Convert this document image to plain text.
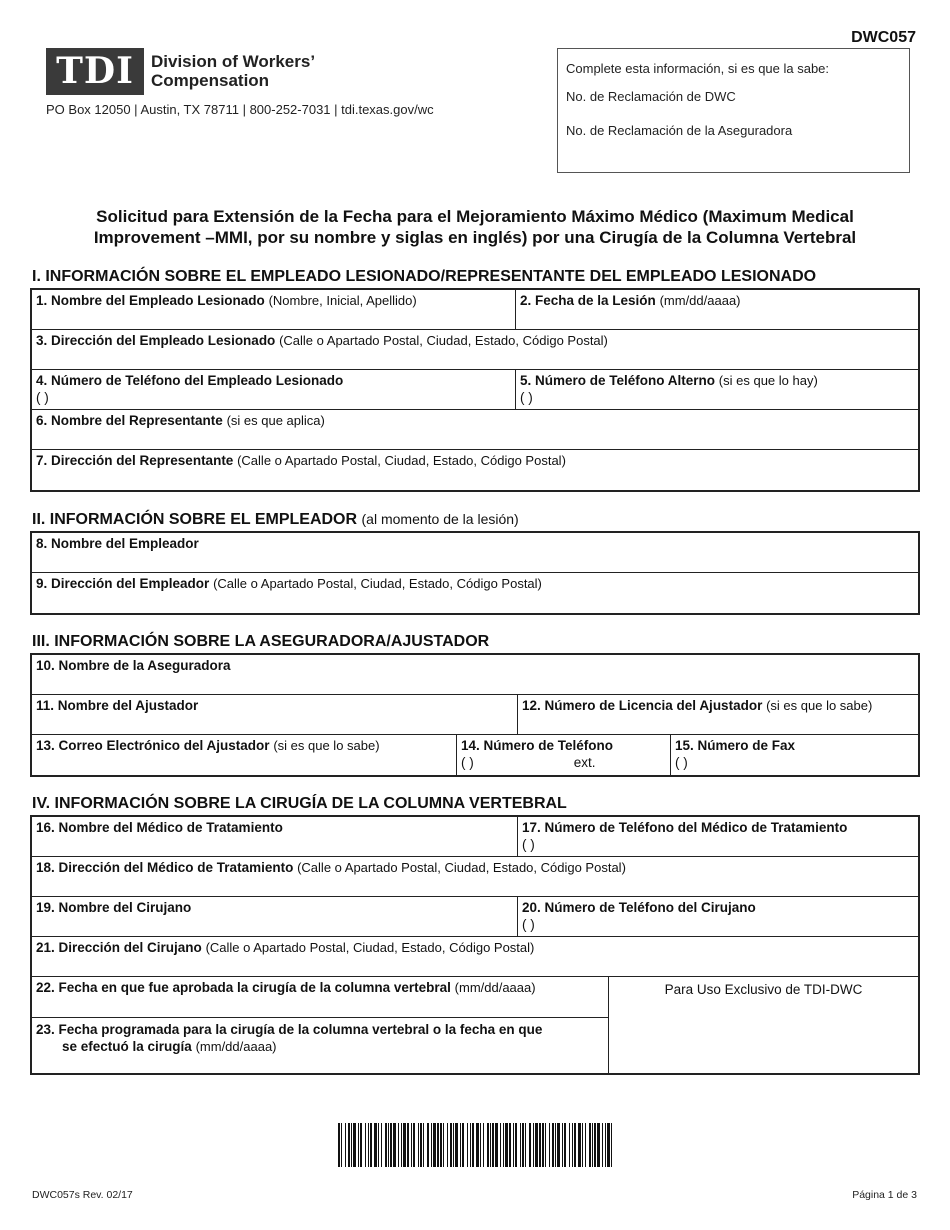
DWC057
TDI	Division of Workers’
Compensation
PO Box 12050 | Austin, TX 78711 | 800-252-7031 | tdi.texas.gov/wc
Complete esta información, si es que la sabe:
No. de Reclamación de DWC
No. de Reclamación de la Aseguradora
Solicitud para Extensión de la Fecha para el Mejoramiento Máximo Médico (Maximum Medical
Improvement –MMI, por su nombre y siglas en inglés) por una Cirugía de la Columna Vertebral
I. INFORMACIÓN SOBRE EL EMPLEADO LESIONADO/REPRESENTANTE DEL EMPLEADO LESIONADO
1. Nombre del Empleado Lesionado (Nombre, Inicial, Apellido)	2. Fecha de la Lesión (mm/dd/aaaa)
3. Dirección del Empleado Lesionado (Calle o Apartado Postal, Ciudad, Estado, Código Postal)
4. Número de Teléfono del Empleado Lesionado
( )
5. Número de Teléfono Alterno (si es que lo hay)
( )
6. Nombre del Representante (si es que aplica)
7. Dirección del Representante (Calle o Apartado Postal, Ciudad, Estado, Código Postal)
II. INFORMACIÓN SOBRE EL EMPLEADOR (al momento de la lesión)
8. Nombre del Empleador
9. Dirección del Empleador (Calle o Apartado Postal, Ciudad, Estado, Código Postal)
III. INFORMACIÓN SOBRE LA ASEGURADORA/AJUSTADOR
10. Nombre de la Aseguradora
11. Nombre del Ajustador	12. Número de Licencia del Ajustador (si es que lo sabe)
13. Correo Electrónico del Ajustador (si es que lo sabe)	14. Número de Teléfono
( )	ext.
15. Número de Fax
( )
IV. INFORMACIÓN SOBRE LA CIRUGÍA DE LA COLUMNA VERTEBRAL
16. Nombre del Médico de Tratamiento	17. Número de Teléfono del Médico de Tratamiento
( )
18. Dirección del Médico de Tratamiento (Calle o Apartado Postal, Ciudad, Estado, Código Postal)
19. Nombre del Cirujano	20. Número de Teléfono del Cirujano
( )
21. Dirección del Cirujano (Calle o Apartado Postal, Ciudad, Estado, Código Postal)
22. Fecha en que fue aprobada la cirugía de la columna vertebral (mm/dd/aaaa)
23. Fecha programada para la cirugía de la columna vertebral o la fecha en que
se efectuó la cirugía (mm/dd/aaaa)
Para Uso Exclusivo de TDI-DWC
DWC057s Rev. 02/17	Página 1 de 3
